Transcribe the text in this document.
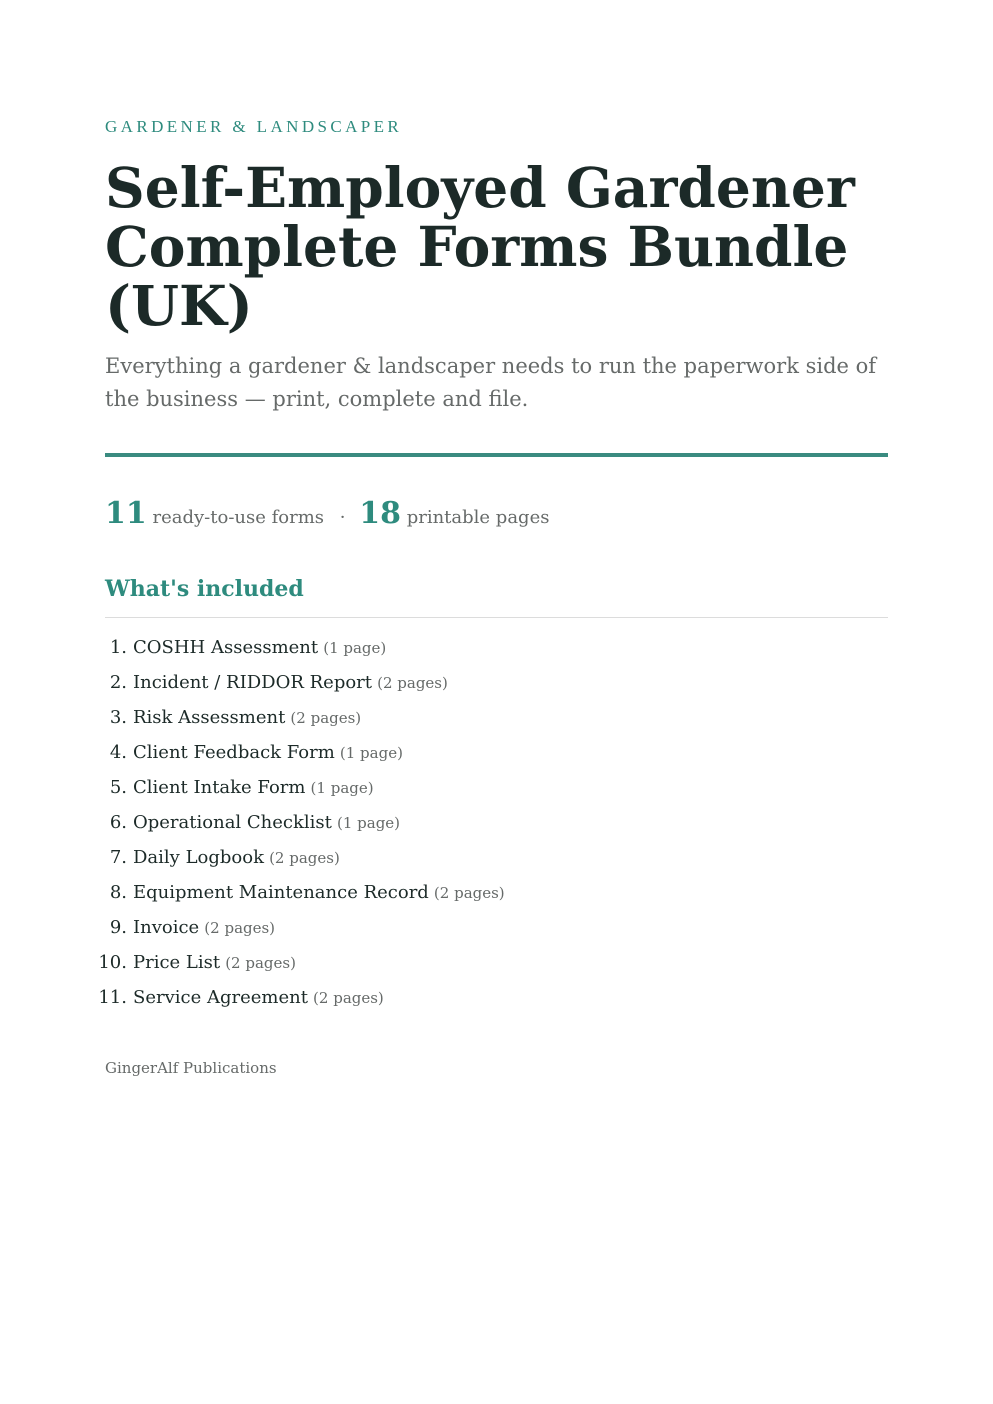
GARDENER & LANDSCAPER
Self-Employed Gardener Complete Forms Bundle (UK)

Everything a gardener & landscaper needs to run the paperwork side of the business — print, complete and file.

11 ready-to-use forms · 18 printable pages
What's included
1. COSHH Assessment (1 page)
2. Incident / RIDDOR Report (2 pages)
3. Risk Assessment (2 pages)
4. Client Feedback Form (1 page)
5. Client Intake Form (1 page)
6. Operational Checklist (1 page)
7. Daily Logbook (2 pages)
8. Equipment Maintenance Record (2 pages)
9. Invoice (2 pages)
10. Price List (2 pages)
11. Service Agreement (2 pages)
GingerAlf Publications
